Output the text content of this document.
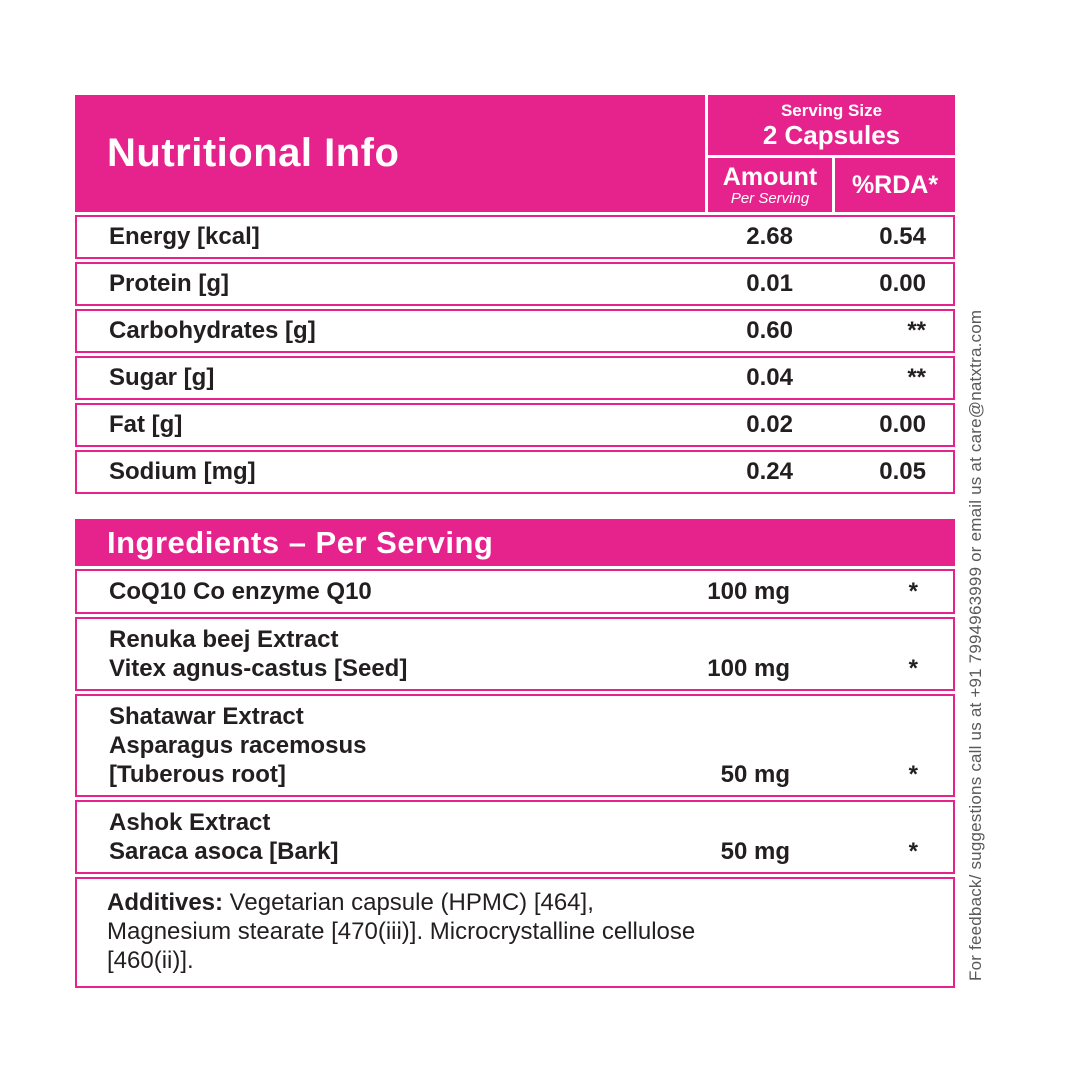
Nutritional Info
Serving Size
2 Capsules
Amount
Per Serving	%RDA*
Energy [kcal]	2.68	0.54
Protein [g]	0.01	0.00
Carbohydrates [g]	0.60	**
Sugar [g]	0.04	**
Fat [g]	0.02	0.00
Sodium [mg]	0.24	0.05
Ingredients – Per Serving
CoQ10 Co enzyme Q10	100 mg	*
Renuka beej Extract
Vitex agnus-castus [Seed]	100 mg	*
Shatawar Extract
Asparagus racemosus
[Tuberous root]	50 mg	*
Ashok Extract
Saraca asoca [Bark]	50 mg	*
Additives: Vegetarian capsule (HPMC) [464], Magnesium stearate [470(iii)]. Microcrystalline cellulose [460(ii)].	For feedback/ suggestions call us at +91 7994963999 or email us at care@natxtra.com
